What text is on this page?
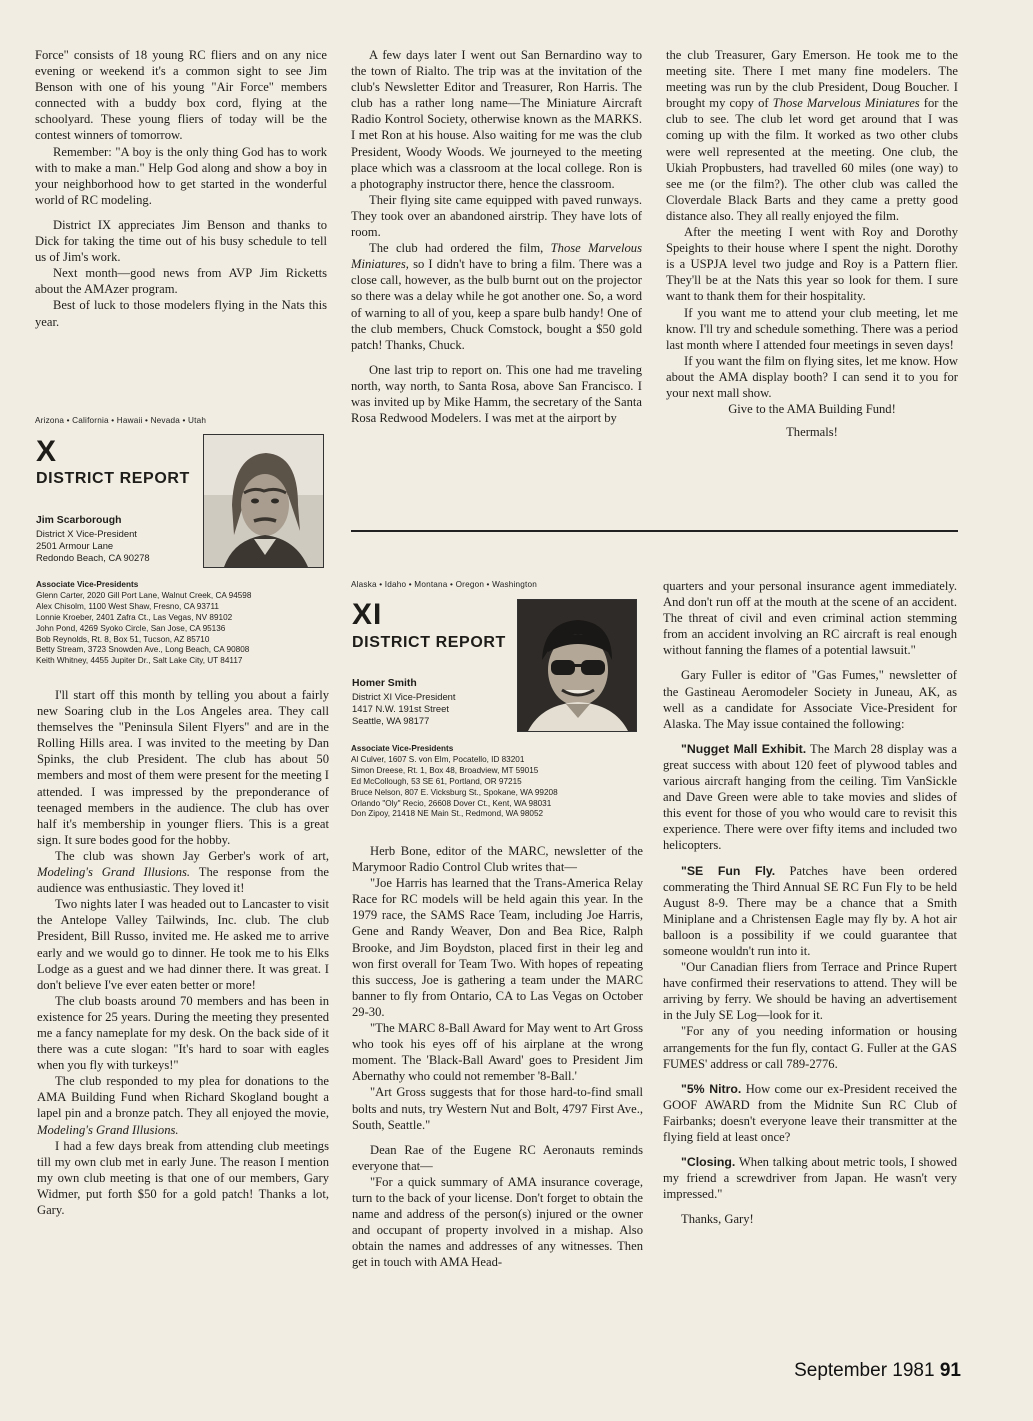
Force" consists of 18 young RC fliers and on any nice evening or weekend it's a common sight to see Jim Benson with one of his young "Air Force" members connected with a buddy box cord, flying at the schoolyard. These young fliers of today will be the contest winners of tomorrow.

Remember: "A boy is the only thing God has to work with to make a man." Help God along and show a boy in your neighborhood how to get started in the wonderful world of RC modeling.

District IX appreciates Jim Benson and thanks to Dick for taking the time out of his busy schedule to tell us of Jim's work.

Next month—good news from AVP Jim Ricketts about the AMAzer program.

Best of luck to those modelers flying in the Nats this year.

Arizona • California • Hawaii • Nevada • Utah
X
DISTRICT REPORT
Jim Scarborough
District X Vice-President
2501 Armour Lane
Redondo Beach, CA 90278
Associate Vice-Presidents
Glenn Carter, 2020 Gill Port Lane, Walnut Creek, CA 94598
Alex Chisolm, 1100 West Shaw, Fresno, CA 93711
Lonnie Kroeber, 2401 Zafra Ct., Las Vegas, NV 89102
John Pond, 4269 Syoko Circle, San Jose, CA 95136
Bob Reynolds, Rt. 8, Box 51, Tucson, AZ 85710
Betty Stream, 3723 Snowden Ave., Long Beach, CA 90808
Keith Whitney, 4455 Jupiter Dr., Salt Lake City, UT 84117

I'll start off this month by telling you about a fairly new Soaring club in the Los Angeles area. They call themselves the "Peninsula Silent Flyers" and are in the Rolling Hills area. I was invited to the meeting by Dan Spinks, the club President. The club has about 50 members and most of them were present for the meeting I attended. I was impressed by the preponderance of teenaged members in the audience. The club has over half it's membership in younger fliers. This is a great sign. It sure bodes good for the hobby.

The club was shown Jay Gerber's work of art, Modeling's Grand Illusions. The response from the audience was enthusiastic. They loved it!

Two nights later I was headed out to Lancaster to visit the Antelope Valley Tailwinds, Inc. club. The club President, Bill Russo, invited me. He asked me to arrive early and we would go to dinner. He took me to his Elks Lodge as a guest and we had dinner there. It was great. I don't believe I've ever eaten better or more!

The club boasts around 70 members and has been in existence for 25 years. During the meeting they presented me a fancy nameplate for my desk. On the back side of it there was a cute slogan: "It's hard to soar with eagles when you fly with turkeys!"

The club responded to my plea for donations to the AMA Building Fund when Richard Skogland bought a lapel pin and a bronze patch. They all enjoyed the movie, Modeling's Grand Illusions.

I had a few days break from attending club meetings till my own club met in early June. The reason I mention my own club meeting is that one of our members, Gary Widmer, put forth $50 for a gold patch! Thanks a lot, Gary.

A few days later I went out San Bernardino way to the town of Rialto. The trip was at the invitation of the club's Newsletter Editor and Treasurer, Ron Harris. The club has a rather long name—The Miniature Aircraft Radio Kontrol Society, otherwise known as the MARKS. I met Ron at his house. Also waiting for me was the club President, Woody Woods. We journeyed to the meeting place which was a classroom at the local college. Ron is a photography instructor there, hence the classroom.

Their flying site came equipped with paved runways. They took over an abandoned airstrip. They have lots of room.

The club had ordered the film, Those Marvelous Miniatures, so I didn't have to bring a film. There was a close call, however, as the bulb burnt out on the projector so there was a delay while he got another one. So, a word of warning to all of you, keep a spare bulb handy! One of the club members, Chuck Comstock, bought a $50 gold patch! Thanks, Chuck.

One last trip to report on. This one had me traveling north, way north, to Santa Rosa, above San Francisco. I was invited up by Mike Hamm, the secretary of the Santa Rosa Redwood Modelers. I was met at the airport by

the club Treasurer, Gary Emerson. He took me to the meeting site. There I met many fine modelers. The meeting was run by the club President, Doug Boucher. I brought my copy of Those Marvelous Miniatures for the club to see. The club let word get around that I was coming up with the film. It worked as two other clubs were well represented at the meeting. One club, the Ukiah Propbusters, had travelled 60 miles (one way) to see me (or the film?). The other club was called the Cloverdale Black Barts and they came a pretty good distance also. They all really enjoyed the film.

After the meeting I went with Roy and Dorothy Speights to their house where I spent the night. Dorothy is a USPJA level two judge and Roy is a Pattern flier. They'll be at the Nats this year so look for them. I sure want to thank them for their hospitality.

If you want me to attend your club meeting, let me know. I'll try and schedule something. There was a period last month where I attended four meetings in seven days!

If you want the film on flying sites, let me know. How about the AMA display booth? I can send it to you for your next mall show.

Give to the AMA Building Fund!

Thermals!

Alaska • Idaho • Montana • Oregon • Washington
XI
DISTRICT REPORT
Homer Smith
District XI Vice-President
1417 N.W. 191st Street
Seattle, WA 98177
Associate Vice-Presidents
Al Culver, 1607 S. von Elm, Pocatello, ID 83201
Simon Dreese, Rt. 1, Box 48, Broadview, MT 59015
Ed McCollough, 53 SE 61, Portland, OR 97215
Bruce Nelson, 807 E. Vicksburg St., Spokane, WA 99208
Orlando "Oly" Recio, 26608 Dover Ct., Kent, WA 98031
Don Zipoy, 21418 NE Main St., Redmond, WA 98052

Herb Bone, editor of the MARC, newsletter of the Marymoor Radio Control Club writes that—

"Joe Harris has learned that the Trans-America Relay Race for RC models will be held again this year. In the 1979 race, the SAMS Race Team, including Joe Harris, Gene and Randy Weaver, Don and Bea Rice, Ralph Brooke, and Jim Boydston, placed first in their leg and won first overall for Team Two. With hopes of repeating this success, Joe is gathering a team under the MARC banner to fly from Ontario, CA to Las Vegas on October 29-30.

"The MARC 8-Ball Award for May went to Art Gross who took his eyes off of his airplane at the wrong moment. The 'Black-Ball Award' goes to President Jim Abernathy who could not remember '8-Ball.'

"Art Gross suggests that for those hard-to-find small bolts and nuts, try Western Nut and Bolt, 4797 First Ave., South, Seattle."

Dean Rae of the Eugene RC Aeronauts reminds everyone that—

"For a quick summary of AMA insurance coverage, turn to the back of your license. Don't forget to obtain the name and address of the person(s) injured or the owner and occupant of property involved in a mishap. Also obtain the names and addresses of any witnesses. Then get in touch with AMA Head-

quarters and your personal insurance agent immediately. And don't run off at the mouth at the scene of an accident. The threat of civil and even criminal action stemming from an accident involving an RC aircraft is real enough without fanning the flames of a potential lawsuit."

Gary Fuller is editor of "Gas Fumes," newsletter of the Gastineau Aeromodeler Society in Juneau, AK, as well as a candidate for Associate Vice-President for Alaska. The May issue contained the following:

"Nugget Mall Exhibit. The March 28 display was a great success with about 120 feet of plywood tables and various aircraft hanging from the ceiling. Tim VanSickle and Dave Green were able to take movies and slides of this event for those of you who would care to revisit this experience. There were over fifty items and included two helicopters.

"SE Fun Fly. Patches have been ordered commerating the Third Annual SE RC Fun Fly to be held August 8-9. There may be a chance that a Smith Miniplane and a Christensen Eagle may fly by. A hot air balloon is a possibility if we could guarantee that someone wouldn't run into it.

"Our Canadian fliers from Terrace and Prince Rupert have confirmed their reservations to attend. They will be arriving by ferry. We should be having an advertisement in the July SE Log—look for it.

"For any of you needing information or housing arrangements for the fun fly, contact G. Fuller at the GAS FUMES' address or call 789-2776.

"5% Nitro. How come our ex-President received the GOOF AWARD from the Midnite Sun RC Club of Fairbanks; doesn't everyone leave their transmitter at the flying field at least once?

"Closing. When talking about metric tools, I showed my friend a screwdriver from Japan. He wasn't very impressed."

Thanks, Gary!

September 1981 91
